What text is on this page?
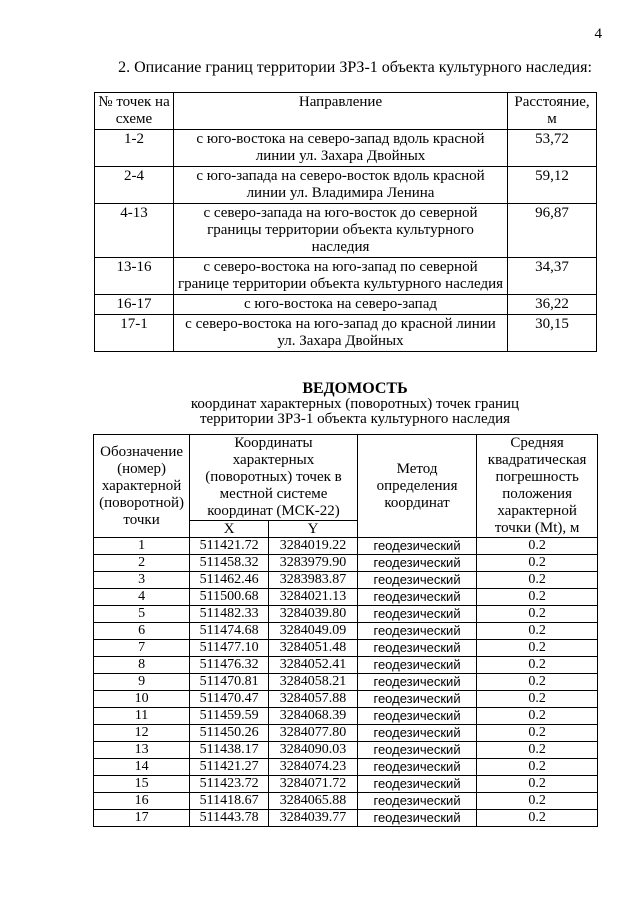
4
2. Описание границ территории ЗРЗ-1 объекта культурного наследия:
№ точек на схеме	Направление	Расстояние, м
1-2	с юго-востока на северо-запад вдоль красной линии ул. Захара Двойных	53,72
2-4	с юго-запада на северо-восток вдоль красной линии ул. Владимира Ленина	59,12
4-13	с северо-запада на юго-восток до северной границы территории объекта культурного наследия	96,87
13-16	с северо-востока на юго-запад по северной границе территории объекта культурного наследия	34,37
16-17	с юго-востока на северо-запад	36,22
17-1	с северо-востока на юго-запад до красной линии ул. Захара Двойных	30,15
ВЕДОМОСТЬ
координат характерных (поворотных) точек границ
территории ЗРЗ-1 объекта культурного наследия
Обозначение (номер) характерной (поворотной) точки	Координаты характерных (поворотных) точек в местной системе координат (МСК-22)		Метод определения координат	Средняя квадратическая погрешность положения характерной точки (Mt), м
	X	Y		
1	511421.72	3284019.22	геодезический	0.2
2	511458.32	3283979.90	геодезический	0.2
3	511462.46	3283983.87	геодезический	0.2
4	511500.68	3284021.13	геодезический	0.2
5	511482.33	3284039.80	геодезический	0.2
6	511474.68	3284049.09	геодезический	0.2
7	511477.10	3284051.48	геодезический	0.2
8	511476.32	3284052.41	геодезический	0.2
9	511470.81	3284058.21	геодезический	0.2
10	511470.47	3284057.88	геодезический	0.2
11	511459.59	3284068.39	геодезический	0.2
12	511450.26	3284077.80	геодезический	0.2
13	511438.17	3284090.03	геодезический	0.2
14	511421.27	3284074.23	геодезический	0.2
15	511423.72	3284071.72	геодезический	0.2
16	511418.67	3284065.88	геодезический	0.2
17	511443.78	3284039.77	геодезический	0.2
